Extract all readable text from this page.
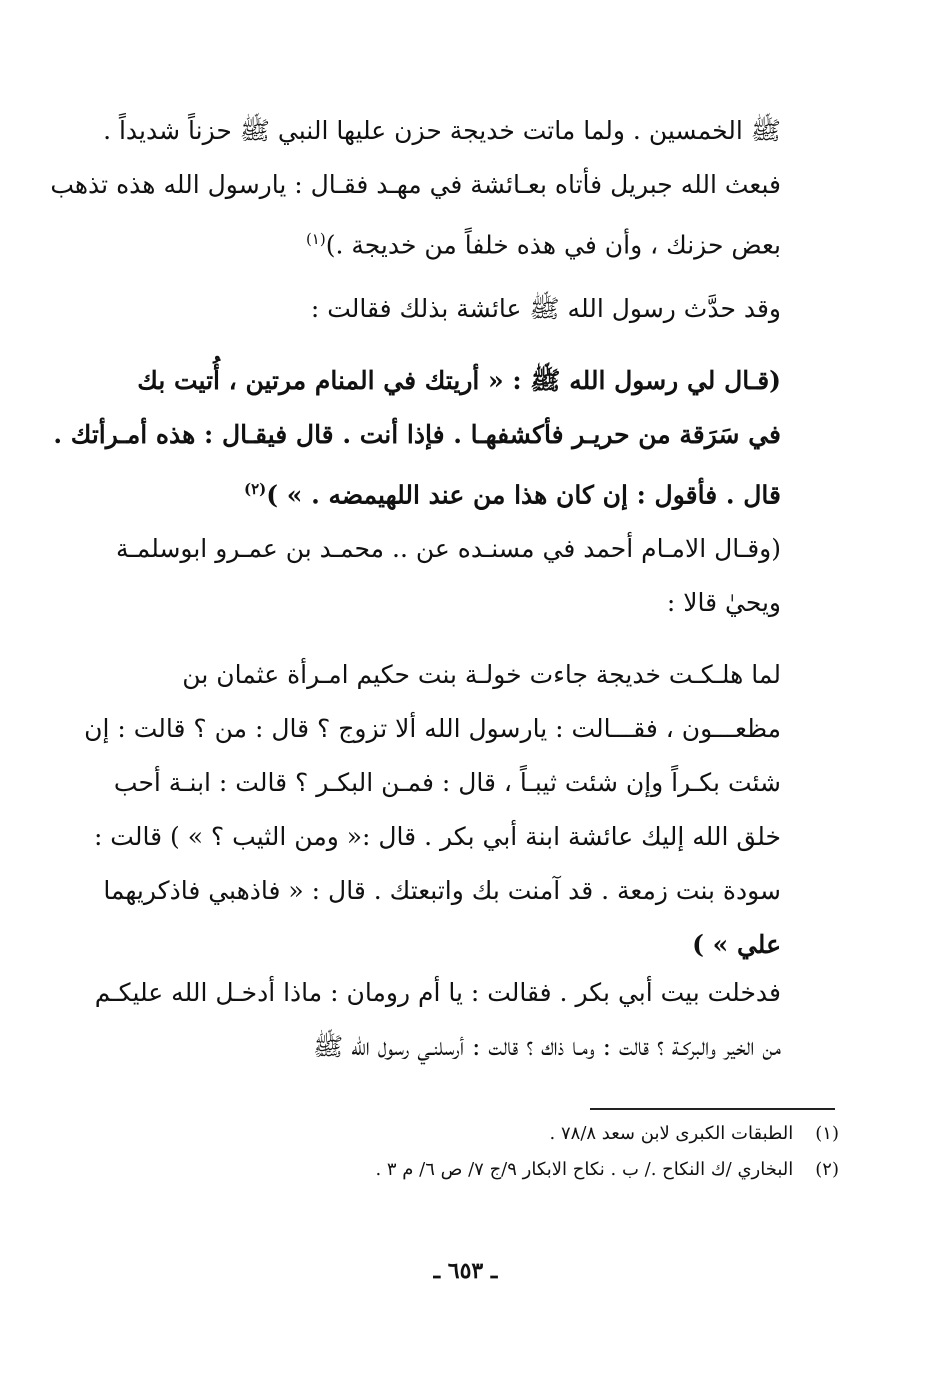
ﷺ الخمسين . ولما ماتت خديجة حزن عليها النبي ﷺ حزناً شديداً .
فبعث الله جبريل فأتاه بعـائشة في مهـد فقـال : يارسول الله هذه تذهب
بعض حزنك ، وأن في هذه خلفاً من خديجة .)$^{(١)}$
وقد حدَّث رسول الله ﷺ عائشة بذلك فقالت :
(قـال لي رسول الله ﷺ : « أريتك في المنام مرتين ، أُتيت بك
في سَرَقة من حريـر فأكشفهـا . فإذا أنت . قال فيقـال : هذه أمـرأتك .
قال . فأقول : إن كان هذا من عند اللهيمضه . » )$^{(٢)}$
(وقـال الامـام أحمد في مسنـده عن .. محمـد بن عمـرو ابوسلمـة
ويحيٰ قالا :
لما هلـكـت خديجة جاءت خولـة بنت حكيم امـرأة عثمان بن
مظعـــون ، فقـــالت : يارسول الله ألا تزوج ؟ قال : من ؟ قالت : إن
شئت بكـراً وإن شئت ثيبـاً ، قال : فمـن البكـر ؟ قالت : ابنـة أحب
خلق الله إليك عائشة ابنة أبي بكر . قال :« ومن الثيب ؟ » ) قالت :
سودة بنت زمعة . قد آمنت بك واتبعتك . قال : « فاذهبي فاذكريهما
علي » )
فدخلت بيت أبي بكر . فقالت : يا أم رومان : ماذا أدخـل الله عليكـم
من الخير والبركـة ؟ قالت : ومـا ذاك ؟ قالت : أرسلنـي رسول الله ﷺ
(١) الطبقات الكبرى لابن سعد ٧٨/٨ .
(٢) البخاري /ك النكاح ./ ب . نكاح الابكار ٩/ج ٧/ ص ٦/ م ٣ .
ـ ٦٥٣ ـ
